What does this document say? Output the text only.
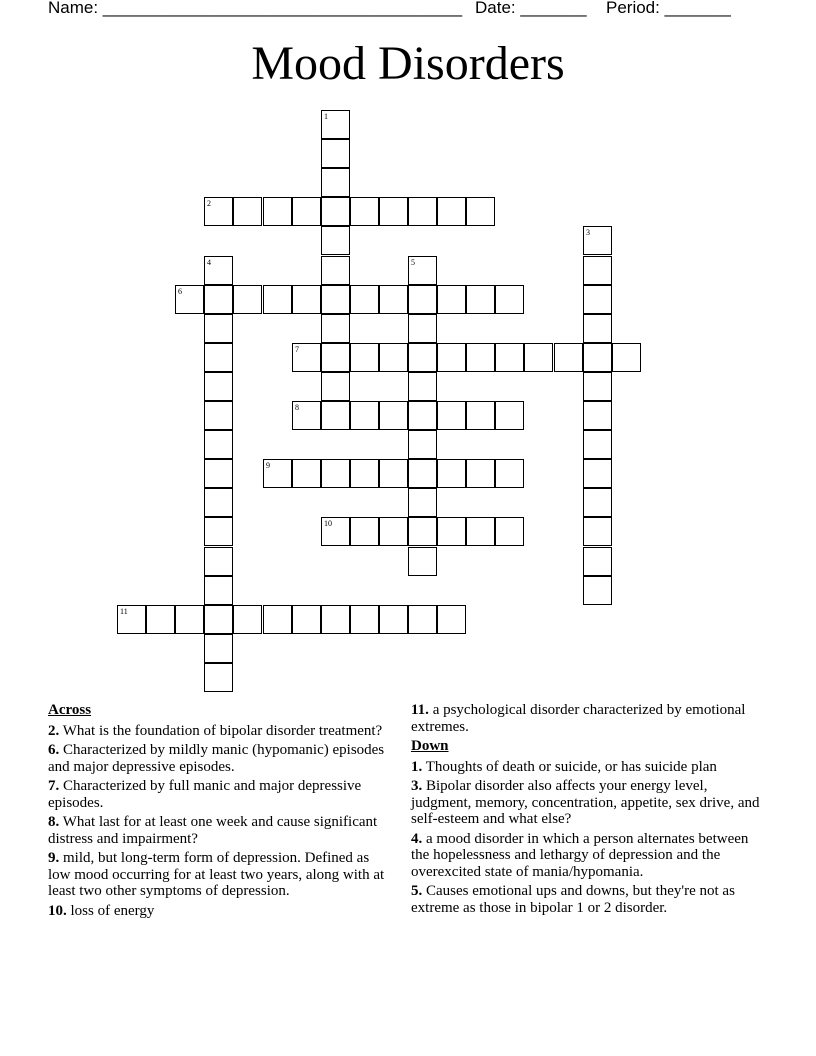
Name: ______________________________________ Date: _______ Period: _______
Mood Disorders
1
2
3
4	5
6
7
8
9
10
11
Across
2. What is the foundation of bipolar disorder treatment?
6. Characterized by mildly manic (hypomanic) episodes and major depressive episodes.
7. Characterized by full manic and major depressive episodes.
8. What last for at least one week and cause significant distress and impairment?
9. mild, but long-term form of depression. Defined as low mood occurring for at least two years, along with at least two other symptoms of depression.
10. loss of energy
11. a psychological disorder characterized by emotional extremes.
Down
1. Thoughts of death or suicide, or has suicide plan
3. Bipolar disorder also affects your energy level, judgment, memory, concentration, appetite, sex drive, and self-esteem and what else?
4. a mood disorder in which a person alternates between the hopelessness and lethargy of depression and the overexcited state of mania/hypomania.
5. Causes emotional ups and downs, but they're not as extreme as those in bipolar 1 or 2 disorder.
